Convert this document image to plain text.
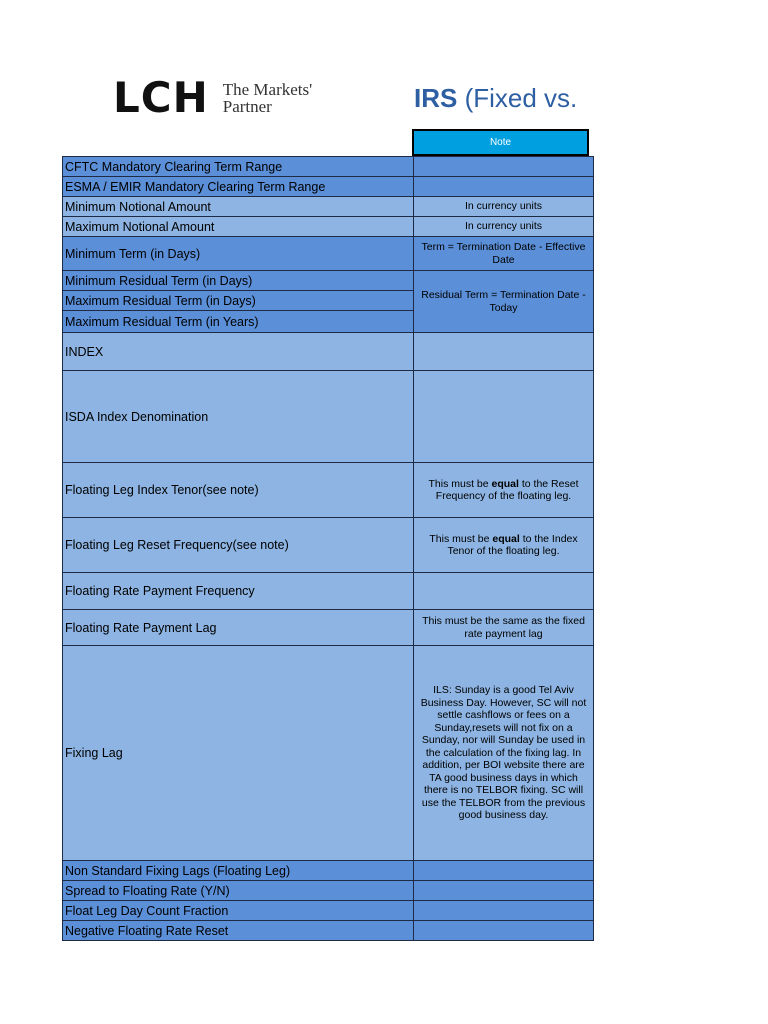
LCH The Markets'
Partner	IRS (Fixed vs.
Note
CFTC Mandatory Clearing Term Range	
ESMA / EMIR Mandatory Clearing Term Range	
Minimum Notional Amount	In currency units
Maximum Notional Amount	In currency units
Minimum Term (in Days)	Term = Termination Date - Effective Date
Minimum Residual Term (in Days)	Residual Term = Termination Date - Today
Maximum Residual Term (in Days)	
Maximum Residual Term (in Years)	
INDEX	
ISDA Index Denomination	
Floating Leg Index Tenor(see note)	This must be equal to the Reset Frequency of the floating leg.
Floating Leg Reset Frequency(see note)	This must be equal to the Index Tenor of the floating leg.
Floating Rate Payment Frequency	
Floating Rate Payment Lag	This must be the same as the fixed rate payment lag
Fixing Lag	ILS: Sunday is a good Tel Aviv Business Day. However, SC will not settle cashflows or fees on a Sunday,resets will not fix on a Sunday, nor will Sunday be used in the calculation of the fixing lag. In addition, per BOI website there are TA good business days in which there is no TELBOR fixing. SC will use the TELBOR from the previous good business day.
Non Standard Fixing Lags (Floating Leg)	
Spread to Floating Rate (Y/N)	
Float Leg Day Count Fraction	
Negative Floating Rate Reset	
